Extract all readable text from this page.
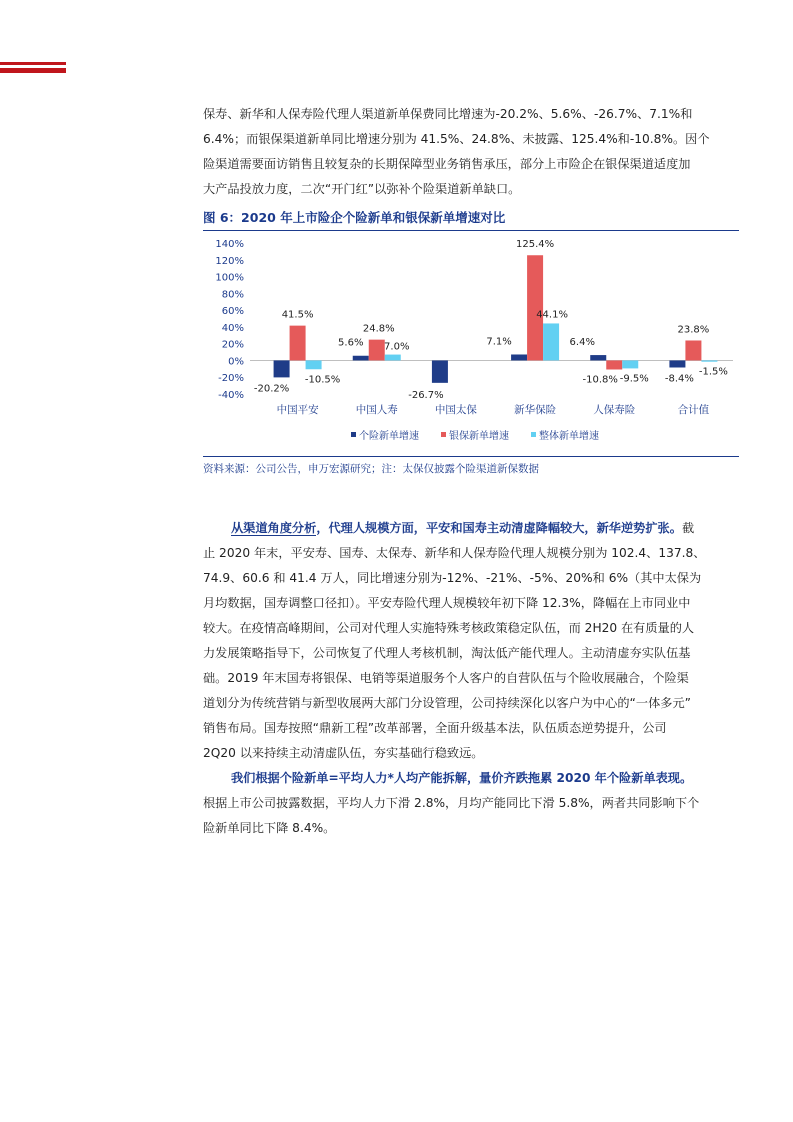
保寿、新华和人保寿险代理人渠道新单保费同比增速为-20.2%、5.6%、-26.7%、7.1%和
6.4%；而银保渠道新单同比增速分别为 41.5%、24.8%、未披露、125.4%和-10.8%。因个
险渠道需要面访销售且较复杂的长期保障型业务销售承压，部分上市险企在银保渠道适度加
大产品投放力度，二次“开门红”以弥补个险渠道新单缺口。
图 6：2020 年上市险企个险新单和银保新单增速对比
-40%
-20%
0%
20%
40%
60%
80%
100%
120%
140%
中国平安	中国人寿	中国太保	新华保险	人保寿险	合计值
-20.2%
41.5%
-10.5%
5.6%
24.8%
7.0%
-26.7%
7.1%
125.4%
44.1%
6.4%
-10.8% -9.5% -8.4%
23.8%
-1.5%
个险新单增速	银保新单增速	整体新单增速
资料来源：公司公告，申万宏源研究；注：太保仅披露个险渠道新保数据
从渠道角度分析，代理人规模方面，平安和国寿主动清虚降幅较大，新华逆势扩张。截
止 2020 年末，平安寿、国寿、太保寿、新华和人保寿险代理人规模分别为 102.4、137.8、
74.9、60.6 和 41.4 万人，同比增速分别为-12%、-21%、-5%、20%和 6%（其中太保为
月均数据，国寿调整口径扣）。平安寿险代理人规模较年初下降 12.3%，降幅在上市同业中
较大。在疫情高峰期间，公司对代理人实施特殊考核政策稳定队伍，而 2H20 在有质量的人
力发展策略指导下，公司恢复了代理人考核机制，淘汰低产能代理人。主动清虚夯实队伍基
础。2019 年末国寿将银保、电销等渠道服务个人客户的自营队伍与个险收展融合，个险渠
道划分为传统营销与新型收展两大部门分设管理，公司持续深化以客户为中心的“一体多元”
销售布局。国寿按照“鼎新工程”改革部署，全面升级基本法，队伍质态逆势提升，公司
2Q20 以来持续主动清虚队伍，夯实基础行稳致远。
我们根据个险新单=平均人力*人均产能拆解，量价齐跌拖累 2020 年个险新单表现。
根据上市公司披露数据，平均人力下滑 2.8%，月均产能同比下滑 5.8%，两者共同影响下个
险新单同比下降 8.4%。
